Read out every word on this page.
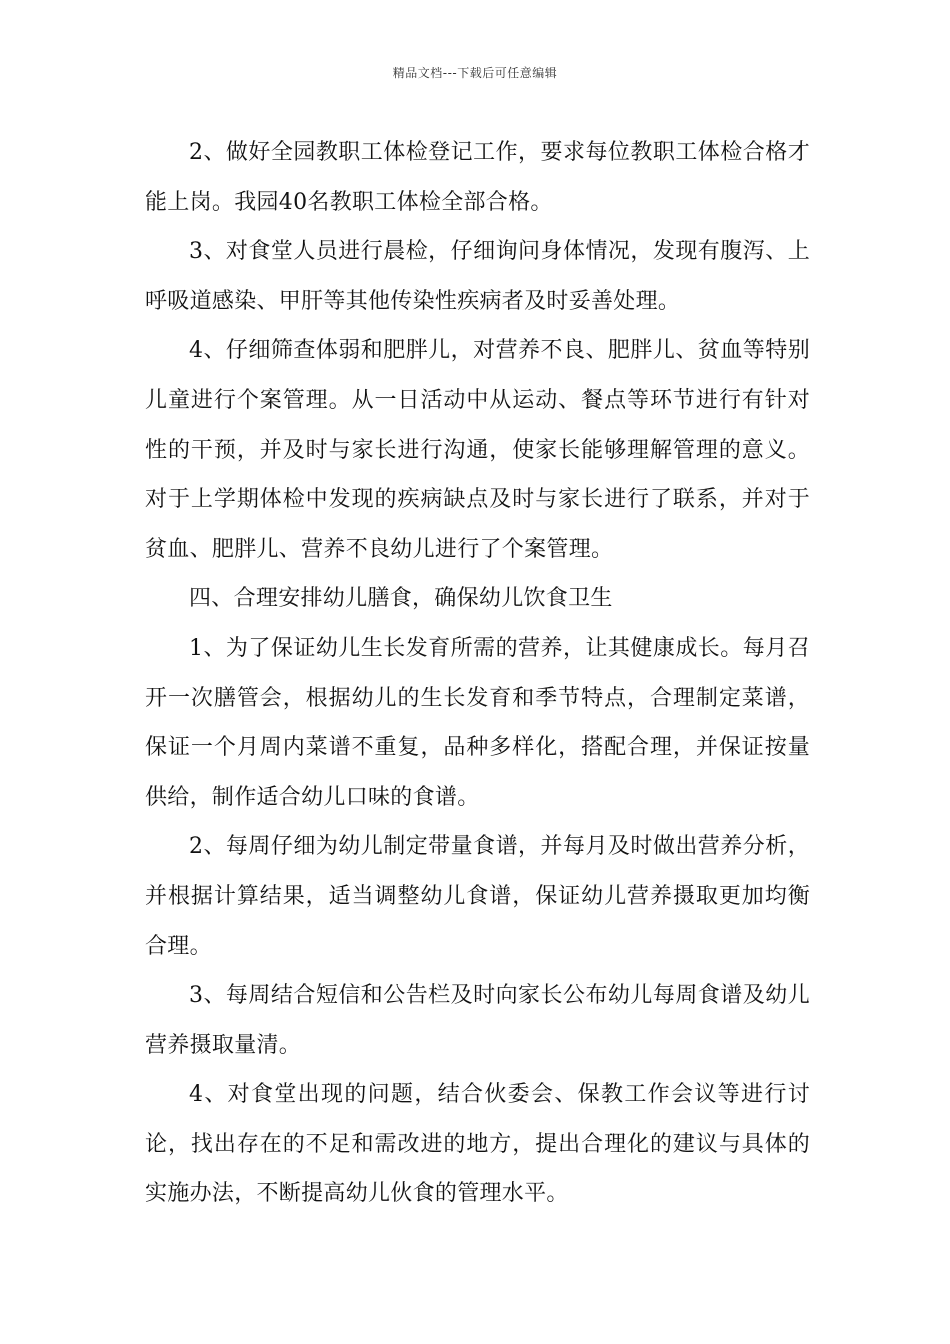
精品文档---下载后可任意编辑

2、做好全园教职工体检登记工作，要求每位教职工体检合格才能上岗。我园40名教职工体检全部合格。

3、对食堂人员进行晨检，仔细询问身体情况，发现有腹泻、上呼吸道感染、甲肝等其他传染性疾病者及时妥善处理。

4、仔细筛查体弱和肥胖儿，对营养不良、肥胖儿、贫血等特别儿童进行个案管理。从一日活动中从运动、餐点等环节进行有针对性的干预，并及时与家长进行沟通，使家长能够理解管理的意义。对于上学期体检中发现的疾病缺点及时与家长进行了联系，并对于贫血、肥胖儿、营养不良幼儿进行了个案管理。

四、合理安排幼儿膳食，确保幼儿饮食卫生

1、为了保证幼儿生长发育所需的营养，让其健康成长。每月召开一次膳管会，根据幼儿的生长发育和季节特点，合理制定菜谱，保证一个月周内菜谱不重复，品种多样化，搭配合理，并保证按量供给，制作适合幼儿口味的食谱。

2、每周仔细为幼儿制定带量食谱，并每月及时做出营养分析，并根据计算结果，适当调整幼儿食谱，保证幼儿营养摄取更加均衡合理。

3、每周结合短信和公告栏及时向家长公布幼儿每周食谱及幼儿营养摄取量清。

4、对食堂出现的问题，结合伙委会、保教工作会议等进行讨论，找出存在的不足和需改进的地方，提出合理化的建议与具体的实施办法，不断提高幼儿伙食的管理水平。
